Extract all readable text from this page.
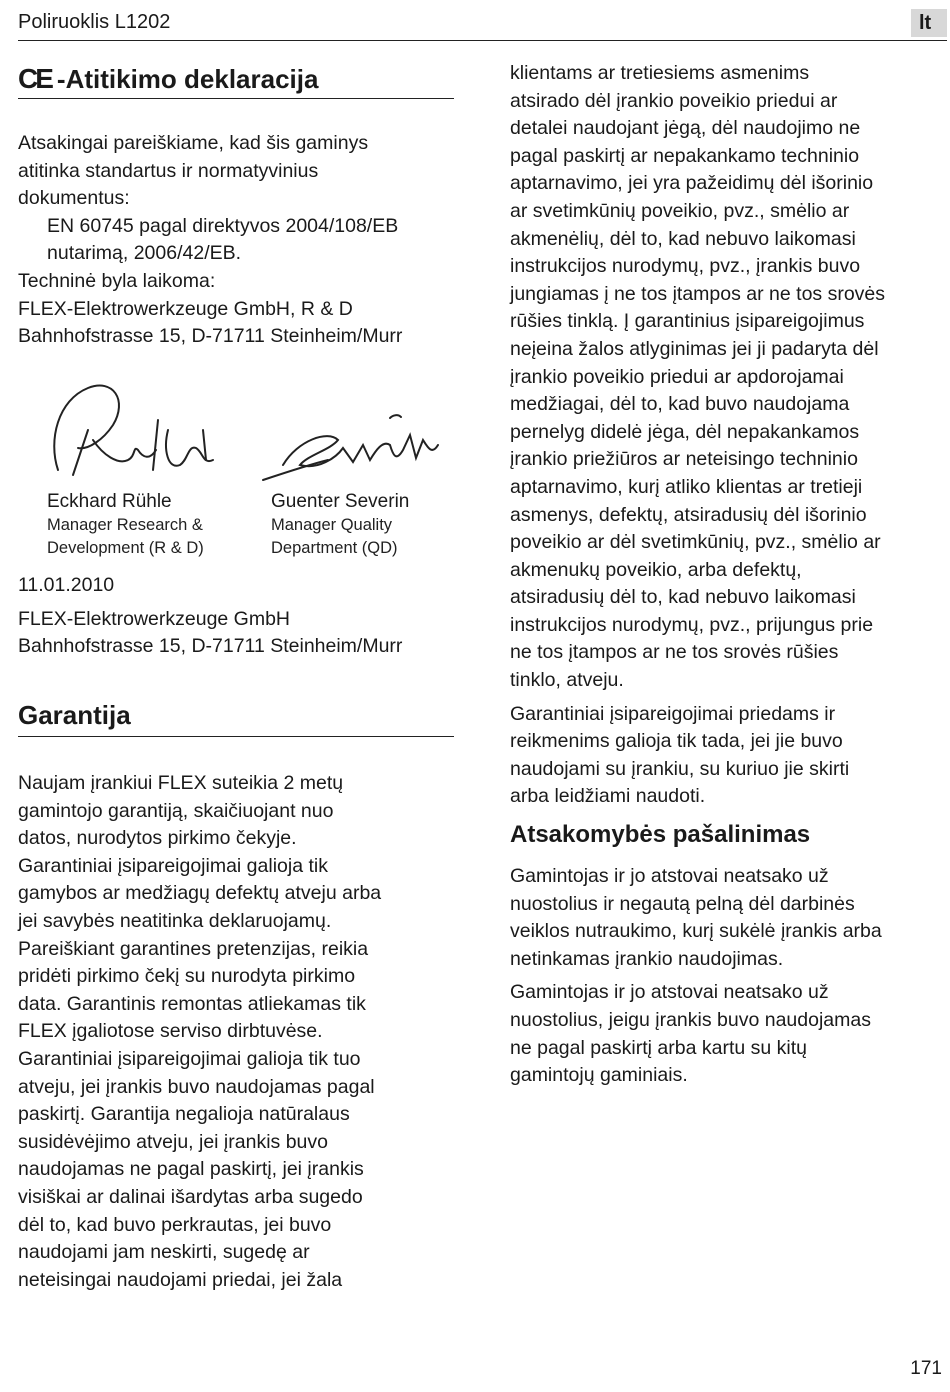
Poliruoklis L1202	lt
CE -Atitikimo deklaracija
Atsakingai pareiškiame, kad šis gaminys
atitinka standartus ir normatyvinius
dokumentus:
EN 60745 pagal direktyvos 2004/108/EB
nutarimą, 2006/42/EB.
Techninė byla laikoma:
FLEX-Elektrowerkzeuge GmbH, R & D
Bahnhofstrasse 15, D-71711 Steinheim/Murr
Eckhard Rühle
Manager Research &
Development (R & D)
Guenter Severin
Manager Quality
Department (QD)

11.01.2010

FLEX-Elektrowerkzeuge GmbH
Bahnhofstrasse 15, D-71711 Steinheim/Murr
Garantija
Naujam įrankiui FLEX suteikia 2 metų
gamintojo garantiją, skaičiuojant nuo
datos, nurodytos pirkimo čekyje.
Garantiniai įsipareigojimai galioja tik
gamybos ar medžiagų defektų atveju arba
jei savybės neatitinka deklaruojamų.
Pareiškiant garantines pretenzijas, reikia
pridėti pirkimo čekį su nurodyta pirkimo
data. Garantinis remontas atliekamas tik
FLEX įgaliotose serviso dirbtuvėse.
Garantiniai įsipareigojimai galioja tik tuo
atveju, jei įrankis buvo naudojamas pagal
paskirtį. Garantija negalioja natūralaus
susidėvėjimo atveju, jei įrankis buvo
naudojamas ne pagal paskirtį, jei įrankis
visiškai ar dalinai išardytas arba sugedo
dėl to, kad buvo perkrautas, jei buvo
naudojami jam neskirti, sugedę ar
neteisingai naudojami priedai, jei žala
klientams ar tretiesiems asmenims
atsirado dėl įrankio poveikio priedui ar
detalei naudojant jėgą, dėl naudojimo ne
pagal paskirtį ar nepakankamo techninio
aptarnavimo, jei yra pažeidimų dėl išorinio
ar svetimkūnių poveikio, pvz., smėlio ar
akmenėlių, dėl to, kad nebuvo laikomasi
instrukcijos nurodymų, pvz., įrankis buvo
jungiamas į ne tos įtampos ar ne tos srovės
rūšies tinklą. Į garantinius įsipareigojimus
neįeina žalos atlyginimas jei ji padaryta dėl
įrankio poveikio priedui ar apdorojamai
medžiagai, dėl to, kad buvo naudojama
pernelyg didelė jėga, dėl nepakankamos
įrankio priežiūros ar neteisingo techninio
aptarnavimo, kurį atliko klientas ar tretieji
asmenys, defektų, atsiradusių dėl išorinio
poveikio ar dėl svetimkūnių, pvz., smėlio ar
akmenukų poveikio, arba defektų,
atsiradusių dėl to, kad nebuvo laikomasi
instrukcijos nurodymų, pvz., prijungus prie
ne tos įtampos ar ne tos srovės rūšies
tinklo, atveju.
Garantiniai įsipareigojimai priedams ir
reikmenims galioja tik tada, jei jie buvo
naudojami su įrankiu, su kuriuo jie skirti
arba leidžiami naudoti.
Atsakomybės pašalinimas
Gamintojas ir jo atstovai neatsako už
nuostolius ir negautą pelną dėl darbinės
veiklos nutraukimo, kurį sukėlė įrankis arba
netinkamas įrankio naudojimas.
Gamintojas ir jo atstovai neatsako už
nuostolius, jeigu įrankis buvo naudojamas
ne pagal paskirtį arba kartu su kitų
gamintojų gaminiais.
171
